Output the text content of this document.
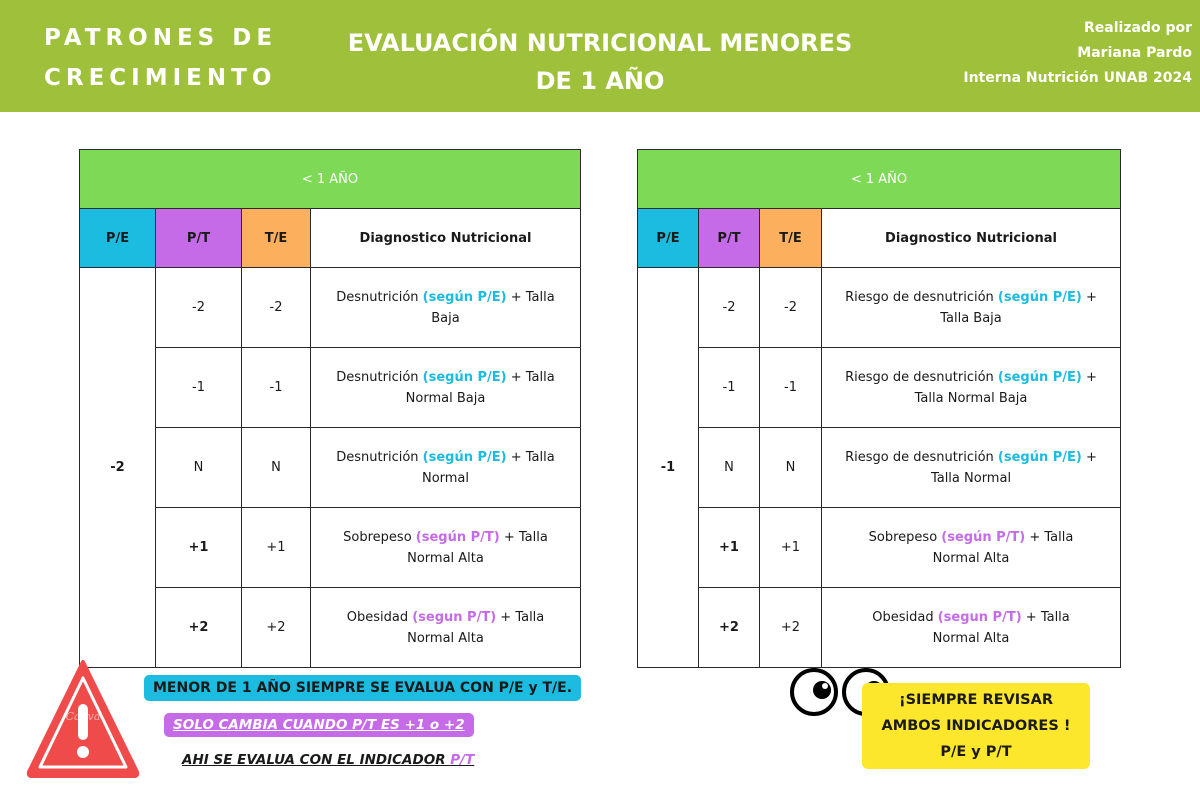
PATRONES DE
CRECIMIENTO
EVALUACIÓN NUTRICIONAL MENORES
DE 1 AÑO
Realizado por
Mariana Pardo
Interna Nutrición UNAB 2024
< 1 AÑO			
P/E	P/T	T/E	Diagnostico Nutricional
-2	-2	-2	Desnutrición (según P/E) + Talla
Baja
	-1	-1	Desnutrición (según P/E) + Talla
Normal Baja
	N	N	Desnutrición (según P/E) + Talla
Normal
	+1	+1	Sobrepeso (según P/T) + Talla
Normal Alta
	+2	+2	Obesidad (segun P/T) + Talla
Normal Alta
< 1 AÑO			
P/E	P/T	T/E	Diagnostico Nutricional
-1	-2	-2	Riesgo de desnutrición (según P/E) +
Talla Baja
	-1	-1	Riesgo de desnutrición (según P/E) +
Talla Normal Baja
	N	N	Riesgo de desnutrición (según P/E) +
Talla Normal
	+1	+1	Sobrepeso (según P/T) + Talla
Normal Alta
	+2	+2	Obesidad (segun P/T) + Talla
Normal Alta
Canva
MENOR DE 1 AÑO SIEMPRE SE EVALUA CON P/E y T/E.
SOLO CAMBIA CUANDO P/T ES +1 o +2
AHI SE EVALUA CON EL INDICADOR P/T
¡SIEMPRE REVISAR
AMBOS INDICADORES !
P/E y P/T
